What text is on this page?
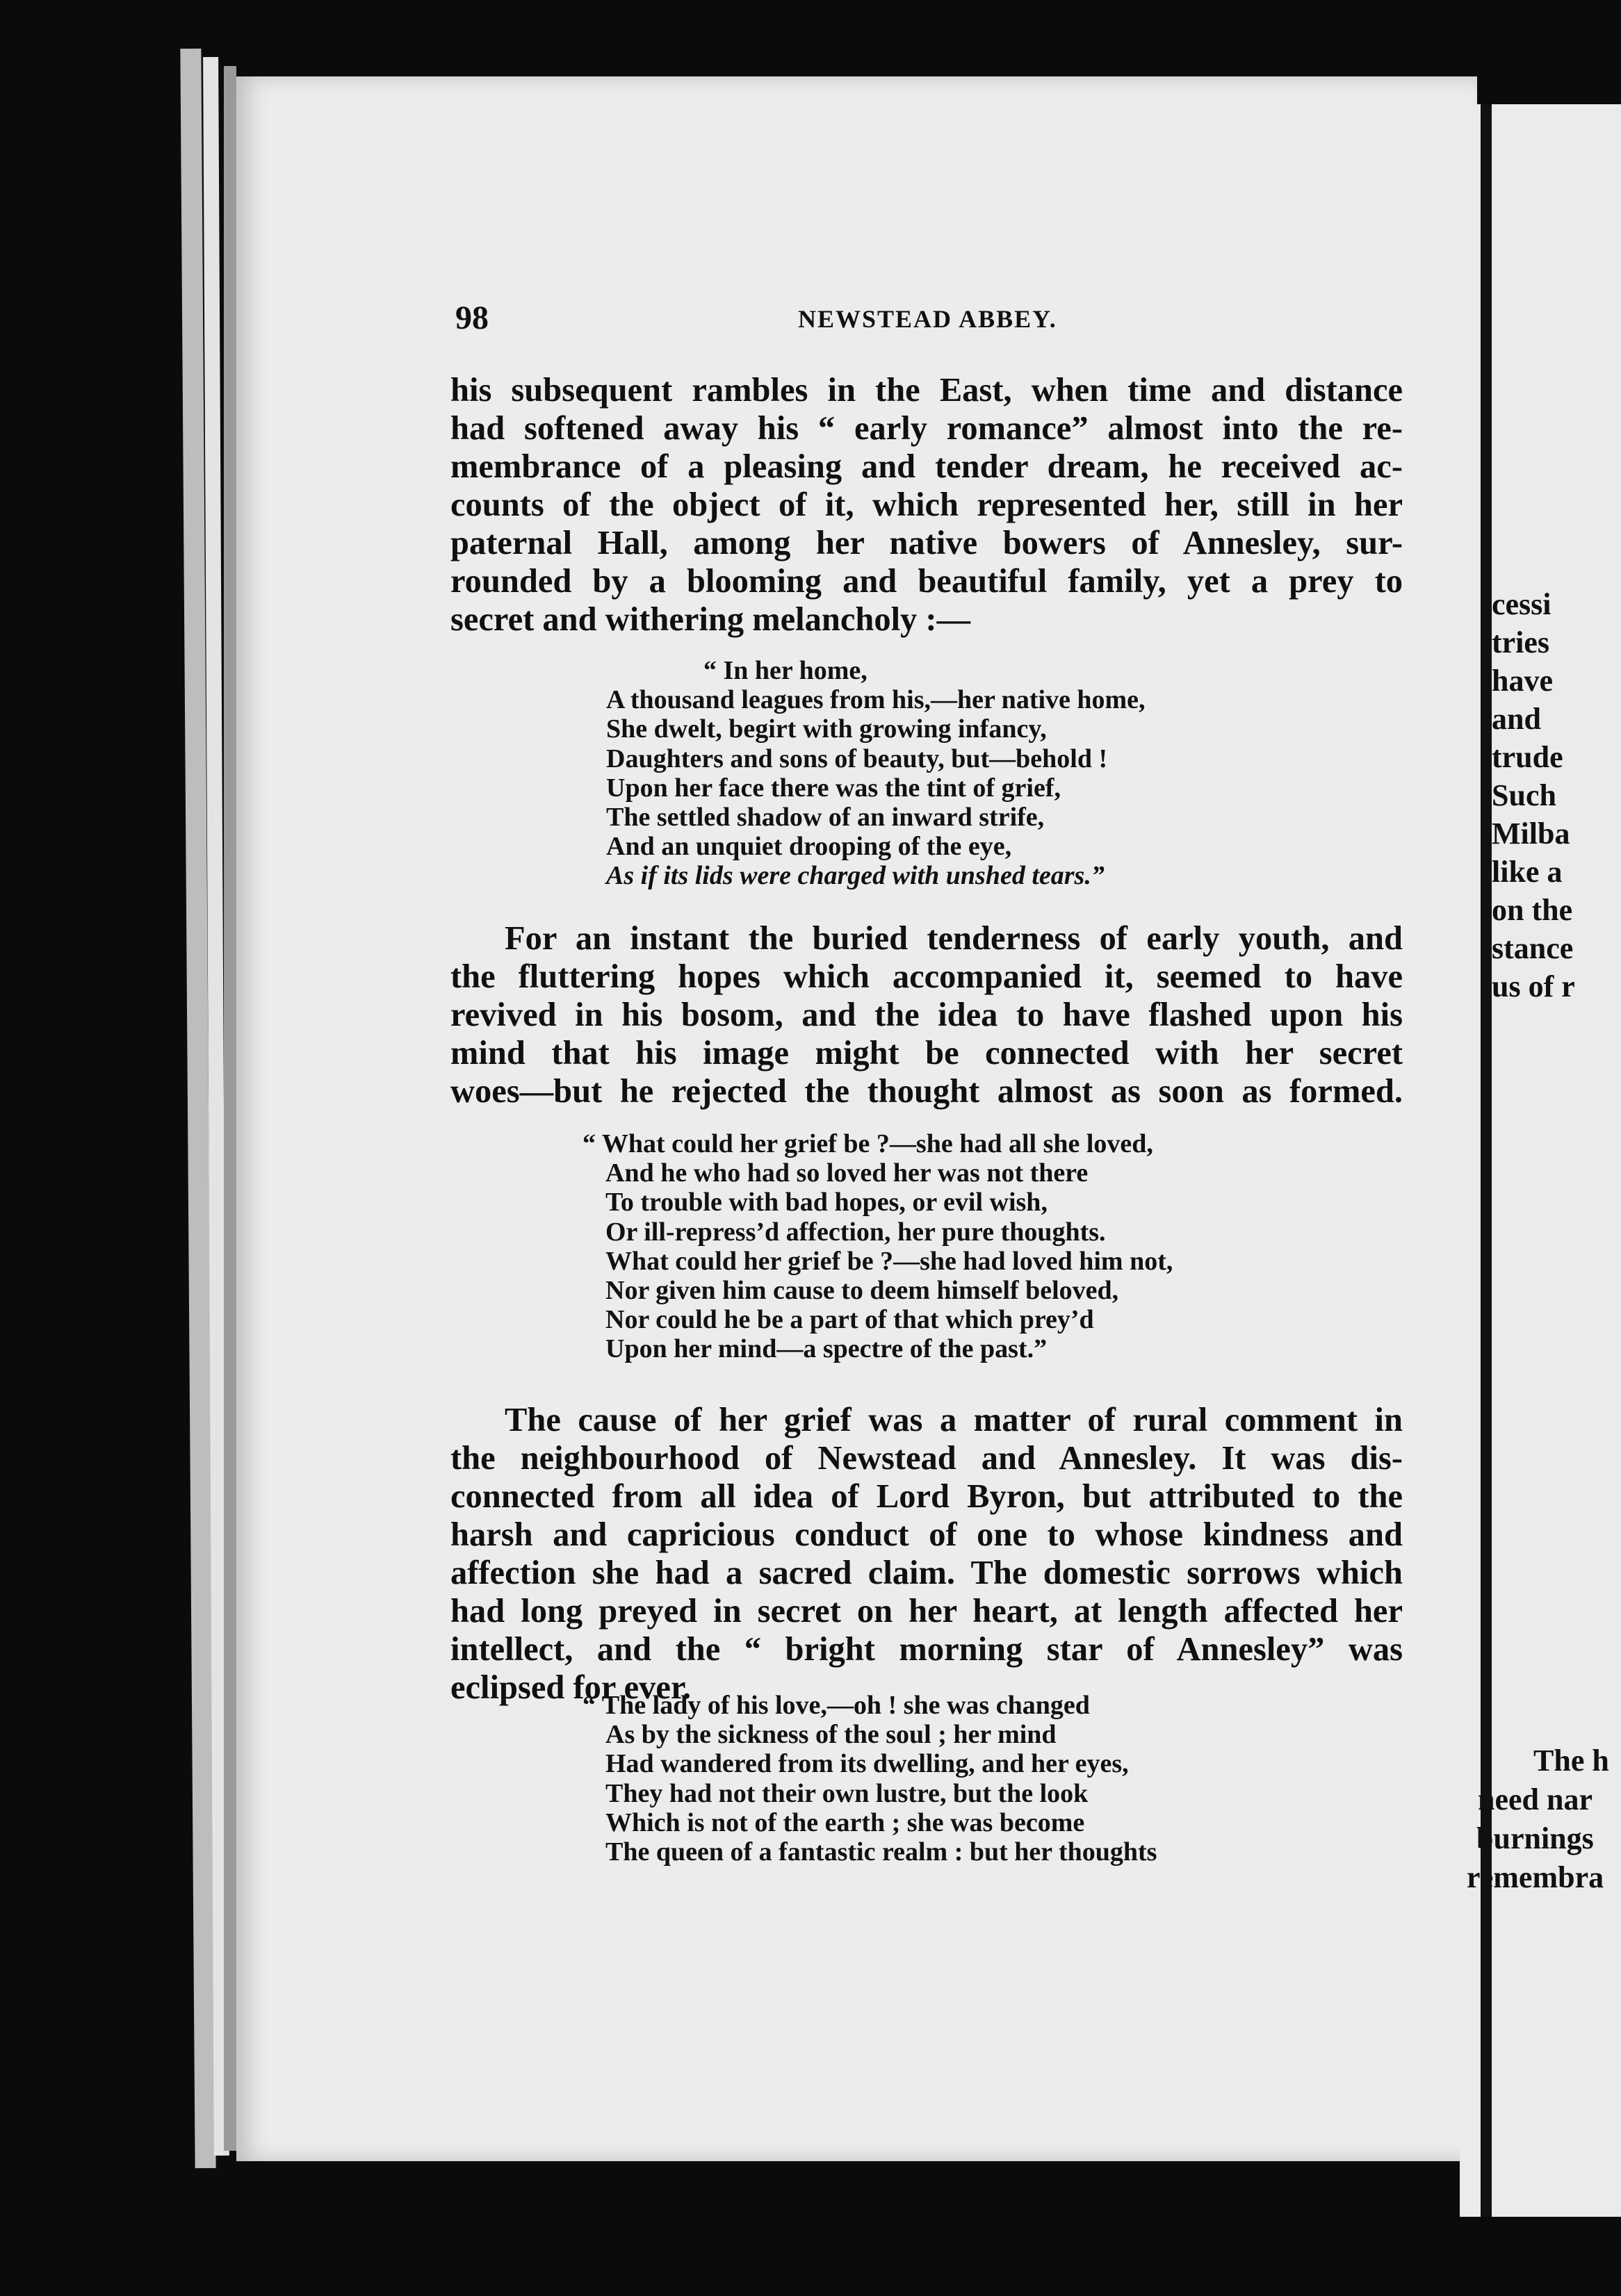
98	NEWSTEAD ABBEY.

his subsequent rambles in the East, when time and distance
had softened away his “ early romance” almost into the re-
membrance of a pleasing and tender dream, he received ac-
counts of the object of it, which represented her, still in her
paternal Hall, among her native bowers of Annesley, sur-
rounded by a blooming and beautiful family, yet a prey to
secret and withering melancholy :—

“ In her home,
A thousand leagues from his,—her native home,
She dwelt, begirt with growing infancy,
Daughters and sons of beauty, but—behold !
Upon her face there was the tint of grief,
The settled shadow of an inward strife,
And an unquiet drooping of the eye,
As if its lids were charged with unshed tears.”

For an instant the buried tenderness of early youth, and
the fluttering hopes which accompanied it, seemed to have
revived in his bosom, and the idea to have flashed upon his
mind that his image might be connected with her secret
woes—but he rejected the thought almost as soon as formed.

“ What could her grief be ?—she had all she loved,
And he who had so loved her was not there
To trouble with bad hopes, or evil wish,
Or ill-repress’d affection, her pure thoughts.
What could her grief be ?—she had loved him not,
Nor given him cause to deem himself beloved,
Nor could he be a part of that which prey’d
Upon her mind—a spectre of the past.”

The cause of her grief was a matter of rural comment in
the neighbourhood of Newstead and Annesley. It was dis-
connected from all idea of Lord Byron, but attributed to the
harsh and capricious conduct of one to whose kindness and
affection she had a sacred claim. The domestic sorrows which
had long preyed in secret on her heart, at length affected her
intellect, and the “ bright morning star of Annesley” was
eclipsed for ever.

“ The lady of his love,—oh ! she was changed
As by the sickness of the soul ; her mind
Had wandered from its dwelling, and her eyes,
They had not their own lustre, but the look
Which is not of the earth ; she was become
The queen of a fantastic realm : but her thoughts
cessi
tries
have
and
trude
Such
Milba
like a
on the
stance
us of r
The h
need nar
burnings
remembra
